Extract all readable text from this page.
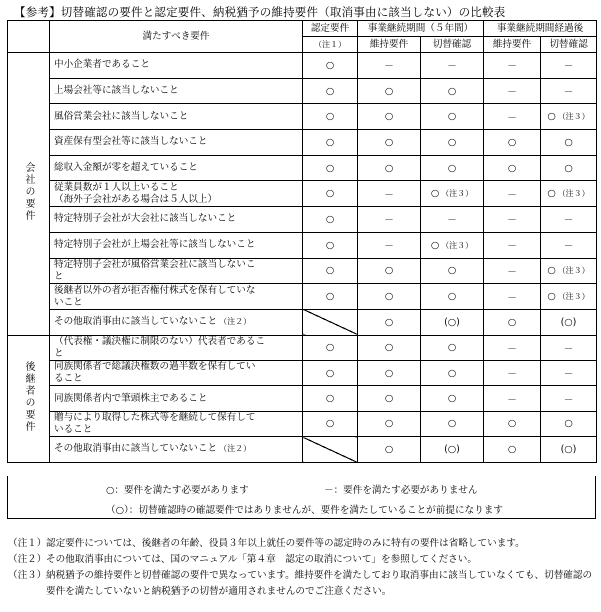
【参考】切替確認の要件と認定要件、納税猶予の維持要件（取消事由に該当しない）の比較表
	満たすべき要件	認定要件	事業継続期間（５年間）		事業継続期間経過後	
		（注１）	維持要件	切替確認	維持要件	切替確認
会社の要件	中小企業者であること	○	－	－	－	－

	上場会社等に該当しないこと	○	○	○	－	－

	風俗営業会社に該当しないこと	○	○	○	－	○ （注３）

	資産保有型会社等に該当しないこと	○	○	○	○	○

	総収入金額が零を超えていること	○	○	○	○	○

	従業員数が１人以上いること
（海外子会社がある場合は５人以上）	○	－	○ （注３）	－	○ （注３）

	特定特別子会社が大会社に該当しないこと	○	－	－	－	－

	特定特別子会社が上場会社等に該当しないこと	○	－	○ （注３）	－	－

	特定特別子会社が風俗営業会社に該当しないこ
と	○	○	○	－	○ （注３）

	後継者以外の者が拒否権付株式を保有していな
いこと	○	○	○	－	○ （注３）

	その他取消事由に該当していないこと （注２）		○	(○)	○	(○)
後継者の要件	（代表権・議決権に制限のない）代表者であるこ
と	○	○	○	－	－

	同族関係者で総議決権数の過半数を保有してい
ること	○	○	○	－	－

	同族関係者内で筆頭株主であること	○	○	○	－	－

	贈与により取得した株式等を継続して保有して
いること	○	○	○	○	○

	その他取消事由に該当していないこと （注２）		○	(○)	○	(○)
○：要件を満たす必要があります	－：要件を満たす必要がありません
（○）：切替確認時の確認要件ではありませんが、要件を満たしていることが前提になります
（注１） 認定要件については、後継者の年齢、役員３年以上就任の要件等の認定時のみに特有の要件は省略しています。
（注２） その他取消事由については、国のマニュアル「第４章　認定の取消について」を参照してください。
（注３） 納税猶予の維持要件と切替確認の要件で異なっています。維持要件を満たしており取消事由に該当していなくても、切替確認の要件を満たしていないと納税猶予の切替が適用されませんのでご注意ください。
